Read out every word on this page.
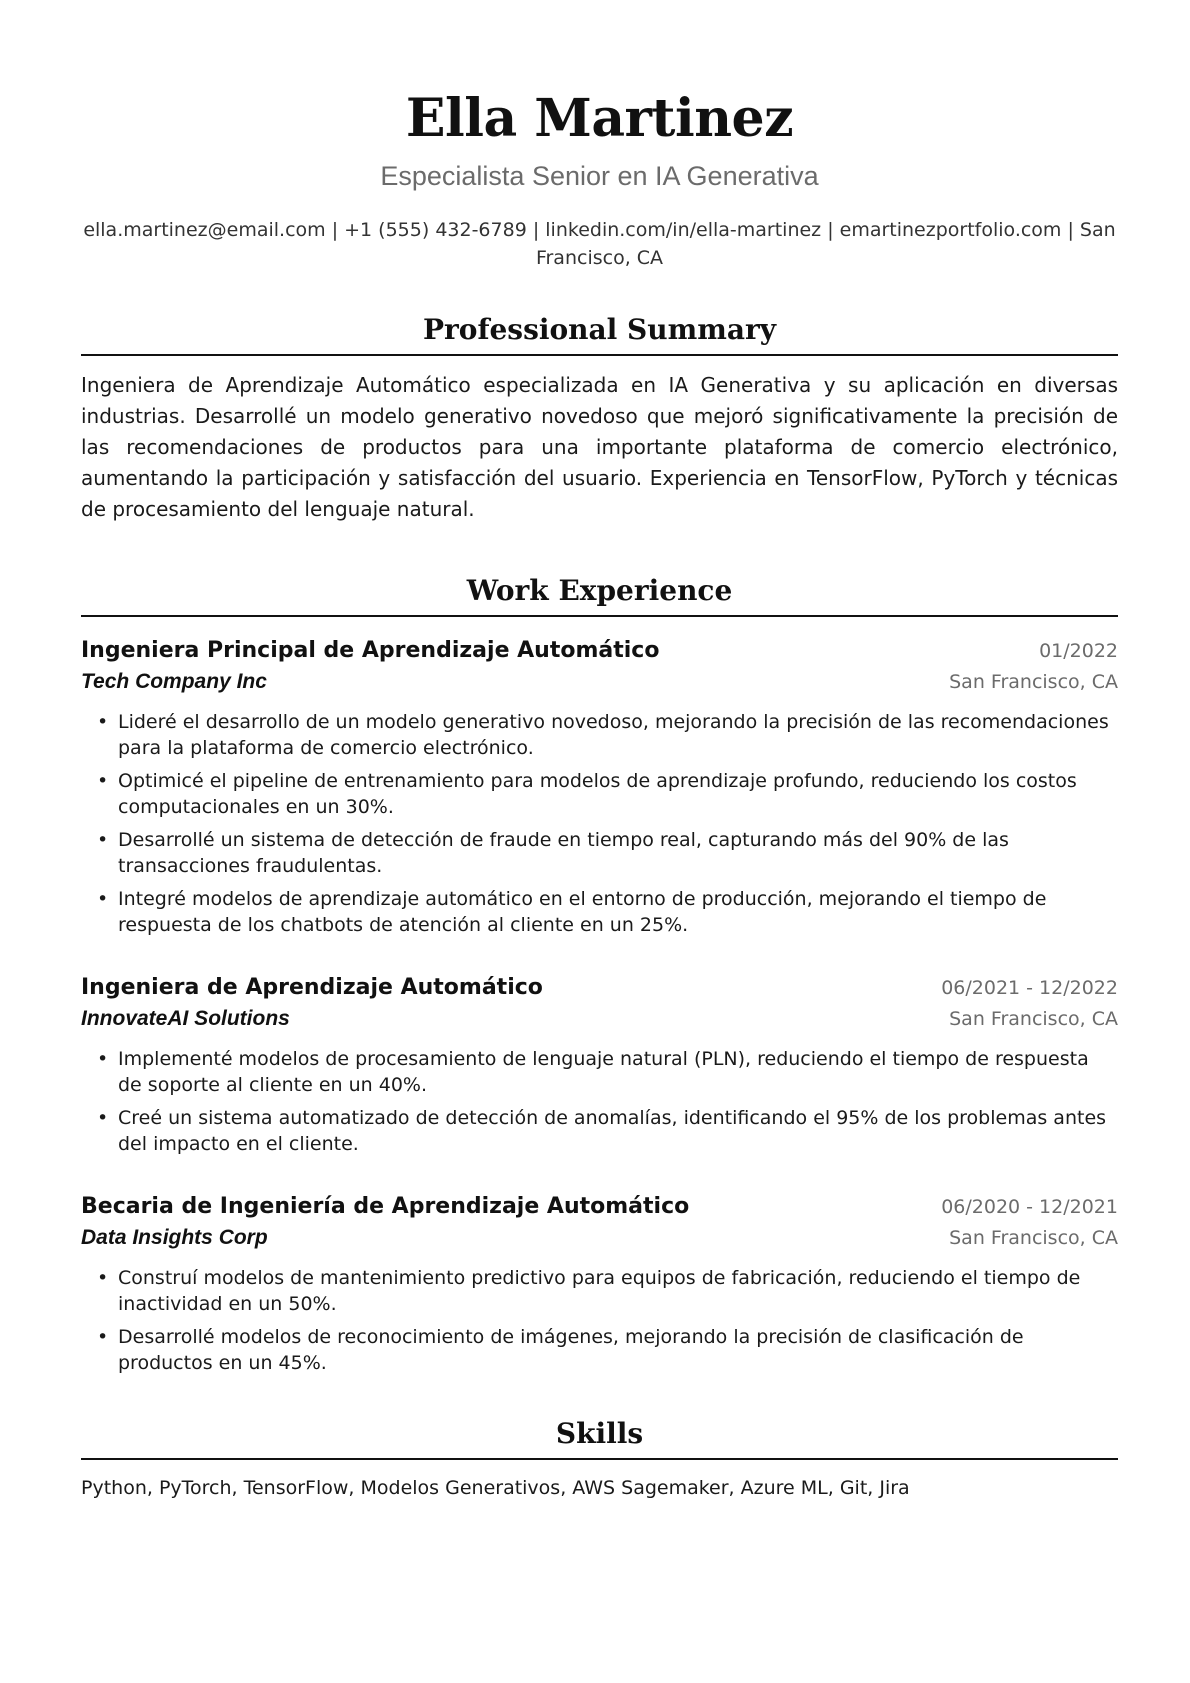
Ella Martinez
Especialista Senior en IA Generativa
ella.martinez@email.com | +1 (555) 432-6789 | linkedin.com/in/ella-martinez | emartinezportfolio.com | San Francisco, CA
Professional Summary
Ingeniera de Aprendizaje Automático especializada en IA Generativa y su aplicación en diversas industrias. Desarrollé un modelo generativo novedoso que mejoró significativamente la precisión de las recomendaciones de productos para una importante plataforma de comercio electrónico, aumentando la participación y satisfacción del usuario. Experiencia en TensorFlow, PyTorch y técnicas de procesamiento del lenguaje natural.
Work Experience
Ingeniera Principal de Aprendizaje Automático	01/2022
Tech Company Inc	San Francisco, CA
• Lideré el desarrollo de un modelo generativo novedoso, mejorando la precisión de las recomendaciones para la plataforma de comercio electrónico.
• Optimicé el pipeline de entrenamiento para modelos de aprendizaje profundo, reduciendo los costos computacionales en un 30%.
• Desarrollé un sistema de detección de fraude en tiempo real, capturando más del 90% de las transacciones fraudulentas.
• Integré modelos de aprendizaje automático en el entorno de producción, mejorando el tiempo de respuesta de los chatbots de atención al cliente en un 25%.
Ingeniera de Aprendizaje Automático	06/2021 - 12/2022
InnovateAI Solutions	San Francisco, CA
• Implementé modelos de procesamiento de lenguaje natural (PLN), reduciendo el tiempo de respuesta de soporte al cliente en un 40%.
• Creé un sistema automatizado de detección de anomalías, identificando el 95% de los problemas antes del impacto en el cliente.
Becaria de Ingeniería de Aprendizaje Automático	06/2020 - 12/2021
Data Insights Corp	San Francisco, CA
• Construí modelos de mantenimiento predictivo para equipos de fabricación, reduciendo el tiempo de inactividad en un 50%.
• Desarrollé modelos de reconocimiento de imágenes, mejorando la precisión de clasificación de productos en un 45%.
Skills
Python, PyTorch, TensorFlow, Modelos Generativos, AWS Sagemaker, Azure ML, Git, Jira
